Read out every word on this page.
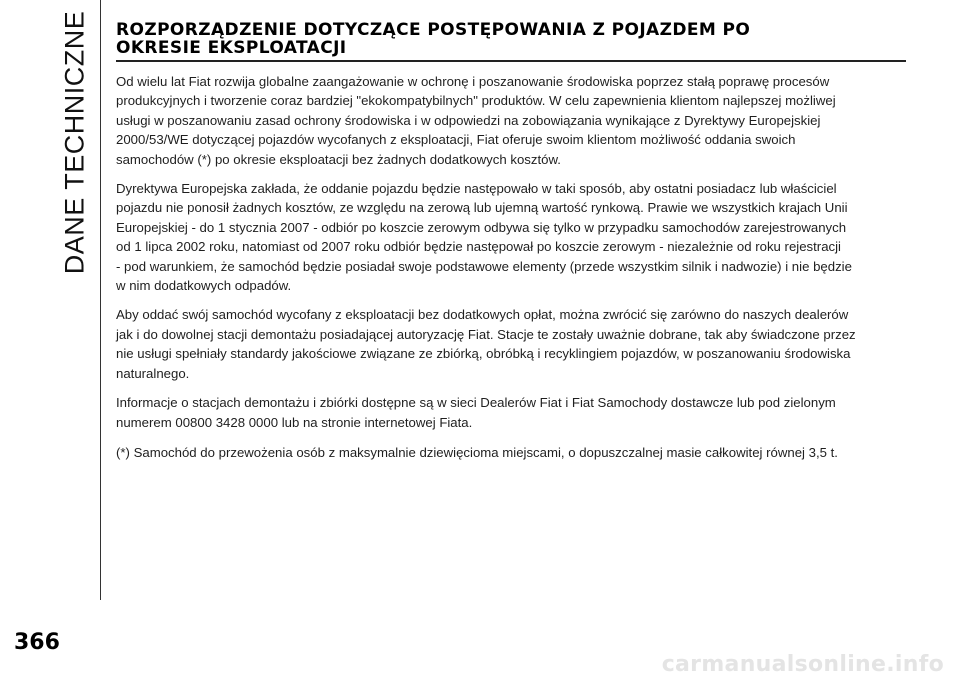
DANE TECHNICZNE ROZPORZĄDZENIE DOTYCZĄCE POSTĘPOWANIA Z POJAZDEM PO
OKRESIE EKSPLOATACJI

Od wielu lat Fiat rozwija globalne zaangażowanie w ochronę i poszanowanie środowiska poprzez stałą poprawę procesów
produkcyjnych i tworzenie coraz bardziej "ekokompatybilnych" produktów. W celu zapewnienia klientom najlepszej możliwej
usługi w poszanowaniu zasad ochrony środowiska i w odpowiedzi na zobowiązania wynikające z Dyrektywy Europejskiej
2000/53/WE dotyczącej pojazdów wycofanych z eksploatacji, Fiat oferuje swoim klientom możliwość oddania swoich
samochodów (*) po okresie eksploatacji bez żadnych dodatkowych kosztów.

Dyrektywa Europejska zakłada, że oddanie pojazdu będzie następowało w taki sposób, aby ostatni posiadacz lub właściciel
pojazdu nie ponosił żadnych kosztów, ze względu na zerową lub ujemną wartość rynkową. Prawie we wszystkich krajach Unii
Europejskiej - do 1 stycznia 2007 - odbiór po koszcie zerowym odbywa się tylko w przypadku samochodów zarejestrowanych
od 1 lipca 2002 roku, natomiast od 2007 roku odbiór będzie następował po koszcie zerowym - niezależnie od roku rejestracji
- pod warunkiem, że samochód będzie posiadał swoje podstawowe elementy (przede wszystkim silnik i nadwozie) i nie będzie
w nim dodatkowych odpadów.

Aby oddać swój samochód wycofany z eksploatacji bez dodatkowych opłat, można zwrócić się zarówno do naszych dealerów
jak i do dowolnej stacji demontażu posiadającej autoryzację Fiat. Stacje te zostały uważnie dobrane, tak aby świadczone przez
nie usługi spełniały standardy jakościowe związane ze zbiórką, obróbką i recyklingiem pojazdów, w poszanowaniu środowiska
naturalnego.

Informacje o stacjach demontażu i zbiórki dostępne są w sieci Dealerów Fiat i Fiat Samochody dostawcze lub pod zielonym
numerem 00800 3428 0000 lub na stronie internetowej Fiata.

(*) Samochód do przewożenia osób z maksymalnie dziewięcioma miejscami, o dopuszczalnej masie całkowitej równej 3,5 t.

366
carmanualsonline.info
